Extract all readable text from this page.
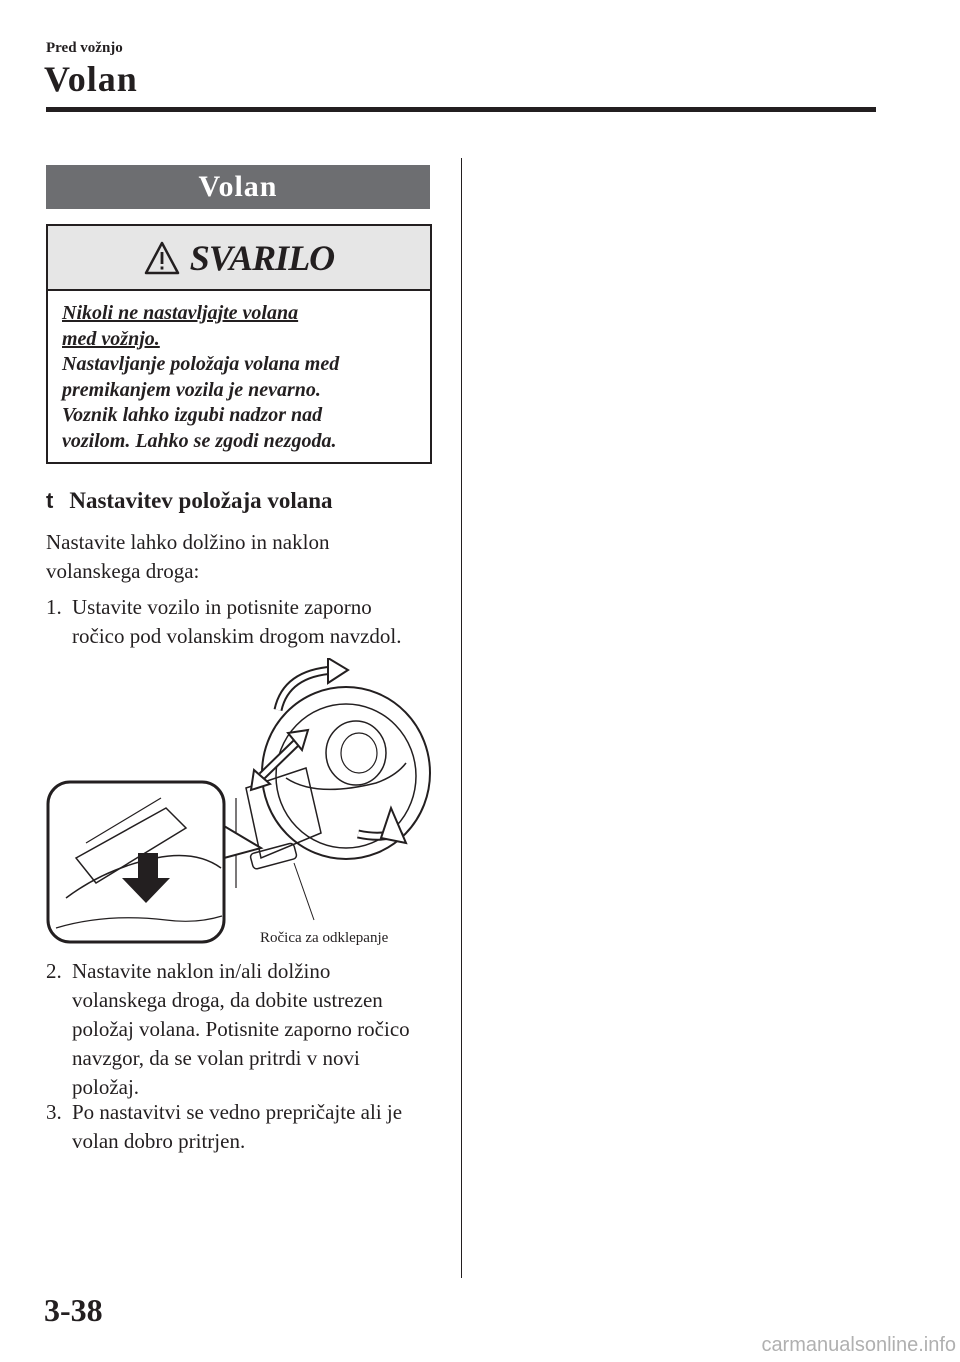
Pred vožnjo
Volan
Volan
SVARILO
Nikoli ne nastavljajte volana
med vožnjo.
Nastavljanje položaja volana med
premikanjem vozila je nevarno.
Voznik lahko izgubi nadzor nad
vozilom. Lahko se zgodi nezgoda.
t Nastavitev položaja volana
Nastavite lahko dolžino in naklon
volanskega droga:
1. Ustavite vozilo in potisnite zaporno
ročico pod volanskim drogom navzdol.
Ročica za odklepanje
2. Nastavite naklon in/ali dolžino
volanskega droga, da dobite ustrezen
položaj volana. Potisnite zaporno ročico
navzgor, da se volan pritrdi v novi
položaj.
3. Po nastavitvi se vedno prepričajte ali je
volan dobro pritrjen.
3-38
carmanualsonline.info
